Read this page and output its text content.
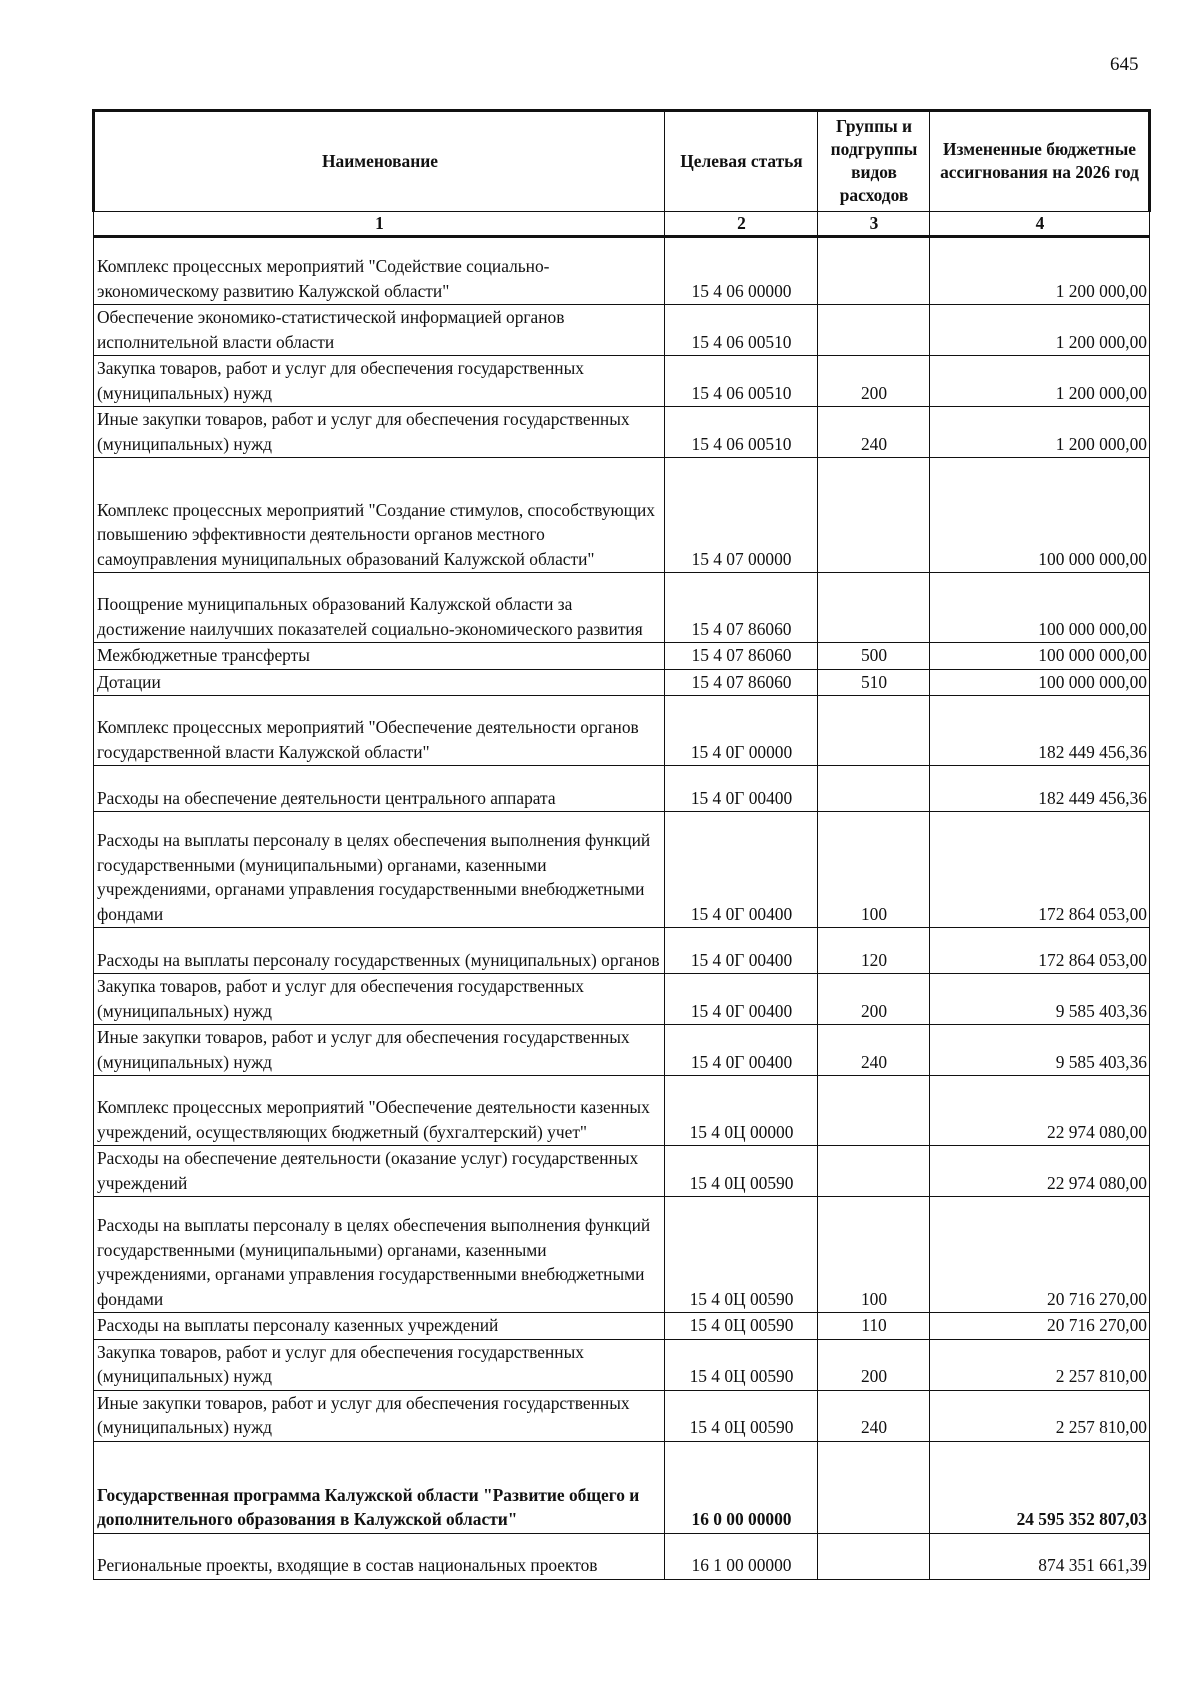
645
Наименование	Целевая статья	Группы и подгруппы видов расходов	Измененные бюджетные ассигнования на 2026 год
1	2	3	4
Комплекс процессных мероприятий "Содействие социально-экономическому развитию Калужской области"	15 4 06 00000		1 200 000,00
Обеспечение экономико-статистической информацией органов исполнительной власти области	15 4 06 00510		1 200 000,00
Закупка товаров, работ и услуг для обеспечения государственных (муниципальных) нужд	15 4 06 00510	200	1 200 000,00
Иные закупки товаров, работ и услуг для обеспечения государственных (муниципальных) нужд	15 4 06 00510	240	1 200 000,00
Комплекс процессных мероприятий "Создание стимулов, способствующих повышению эффективности деятельности органов местного самоуправления муниципальных образований Калужской области"	15 4 07 00000		100 000 000,00
Поощрение муниципальных образований Калужской области за достижение наилучших показателей социально-экономического развития	15 4 07 86060		100 000 000,00
Межбюджетные трансферты	15 4 07 86060	500	100 000 000,00
Дотации	15 4 07 86060	510	100 000 000,00
Комплекс процессных мероприятий "Обеспечение деятельности органов государственной власти Калужской области"	15 4 0Г 00000		182 449 456,36
Расходы на обеспечение деятельности центрального аппарата	15 4 0Г 00400		182 449 456,36
Расходы на выплаты персоналу в целях обеспечения выполнения функций государственными (муниципальными) органами, казенными учреждениями, органами управления государственными внебюджетными фондами	15 4 0Г 00400	100	172 864 053,00
Расходы на выплаты персоналу государственных (муниципальных) органов	15 4 0Г 00400	120	172 864 053,00
Закупка товаров, работ и услуг для обеспечения государственных (муниципальных) нужд	15 4 0Г 00400	200	9 585 403,36
Иные закупки товаров, работ и услуг для обеспечения государственных (муниципальных) нужд	15 4 0Г 00400	240	9 585 403,36
Комплекс процессных мероприятий "Обеспечение деятельности казенных учреждений, осуществляющих бюджетный (бухгалтерский) учет"	15 4 0Ц 00000		22 974 080,00
Расходы на обеспечение деятельности (оказание услуг) государственных учреждений	15 4 0Ц 00590		22 974 080,00
Расходы на выплаты персоналу в целях обеспечения выполнения функций государственными (муниципальными) органами, казенными учреждениями, органами управления государственными внебюджетными фондами	15 4 0Ц 00590	100	20 716 270,00
Расходы на выплаты персоналу казенных учреждений	15 4 0Ц 00590	110	20 716 270,00
Закупка товаров, работ и услуг для обеспечения государственных (муниципальных) нужд	15 4 0Ц 00590	200	2 257 810,00
Иные закупки товаров, работ и услуг для обеспечения государственных (муниципальных) нужд	15 4 0Ц 00590	240	2 257 810,00
Государственная программа Калужской области "Развитие общего и дополнительного образования в Калужской области"	16 0 00 00000		24 595 352 807,03
Региональные проекты, входящие в состав национальных проектов	16 1 00 00000		874 351 661,39
